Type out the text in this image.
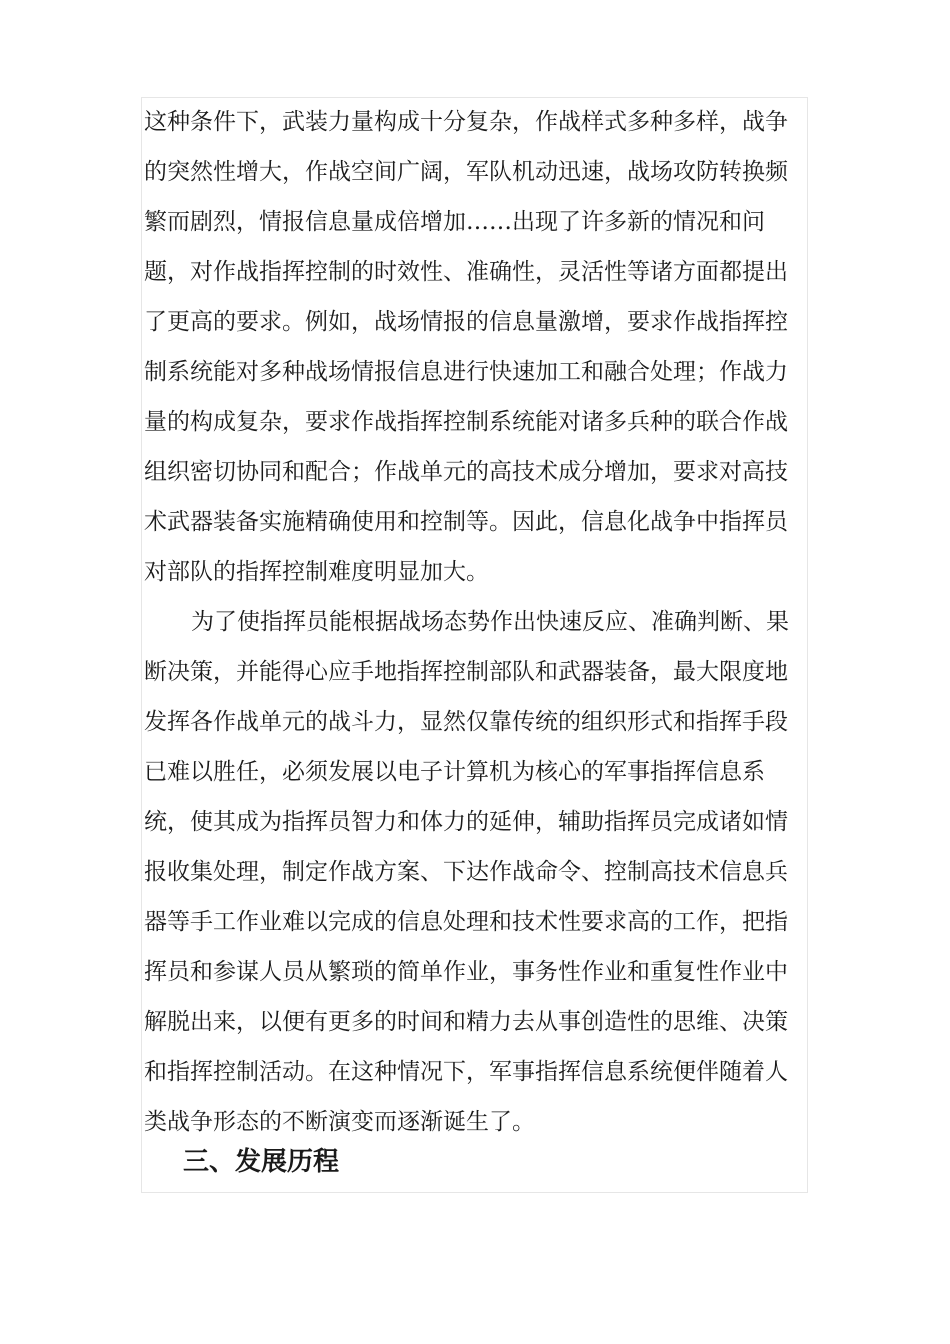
这种条件下，武装力量构成十分复杂，作战样式多种多样，战争
的突然性增大，作战空间广阔，军队机动迅速，战场攻防转换频
繁而剧烈，情报信息量成倍增加……出现了许多新的情况和问
题，对作战指挥控制的时效性、准确性，灵活性等诸方面都提出
了更高的要求。例如，战场情报的信息量激增，要求作战指挥控
制系统能对多种战场情报信息进行快速加工和融合处理；作战力
量的构成复杂，要求作战指挥控制系统能对诸多兵种的联合作战
组织密切协同和配合；作战单元的高技术成分增加，要求对高技
术武器装备实施精确使用和控制等。因此，信息化战争中指挥员
对部队的指挥控制难度明显加大。
为了使指挥员能根据战场态势作出快速反应、准确判断、果
断决策，并能得心应手地指挥控制部队和武器装备，最大限度地
发挥各作战单元的战斗力，显然仅靠传统的组织形式和指挥手段
已难以胜任，必须发展以电子计算机为核心的军事指挥信息系
统，使其成为指挥员智力和体力的延伸，辅助指挥员完成诸如情
报收集处理，制定作战方案、下达作战命令、控制高技术信息兵
器等手工作业难以完成的信息处理和技术性要求高的工作，把指
挥员和参谋人员从繁琐的简单作业，事务性作业和重复性作业中
解脱出来，以便有更多的时间和精力去从事创造性的思维、决策
和指挥控制活动。在这种情况下，军事指挥信息系统便伴随着人
类战争形态的不断演变而逐渐诞生了。
三、发展历程
